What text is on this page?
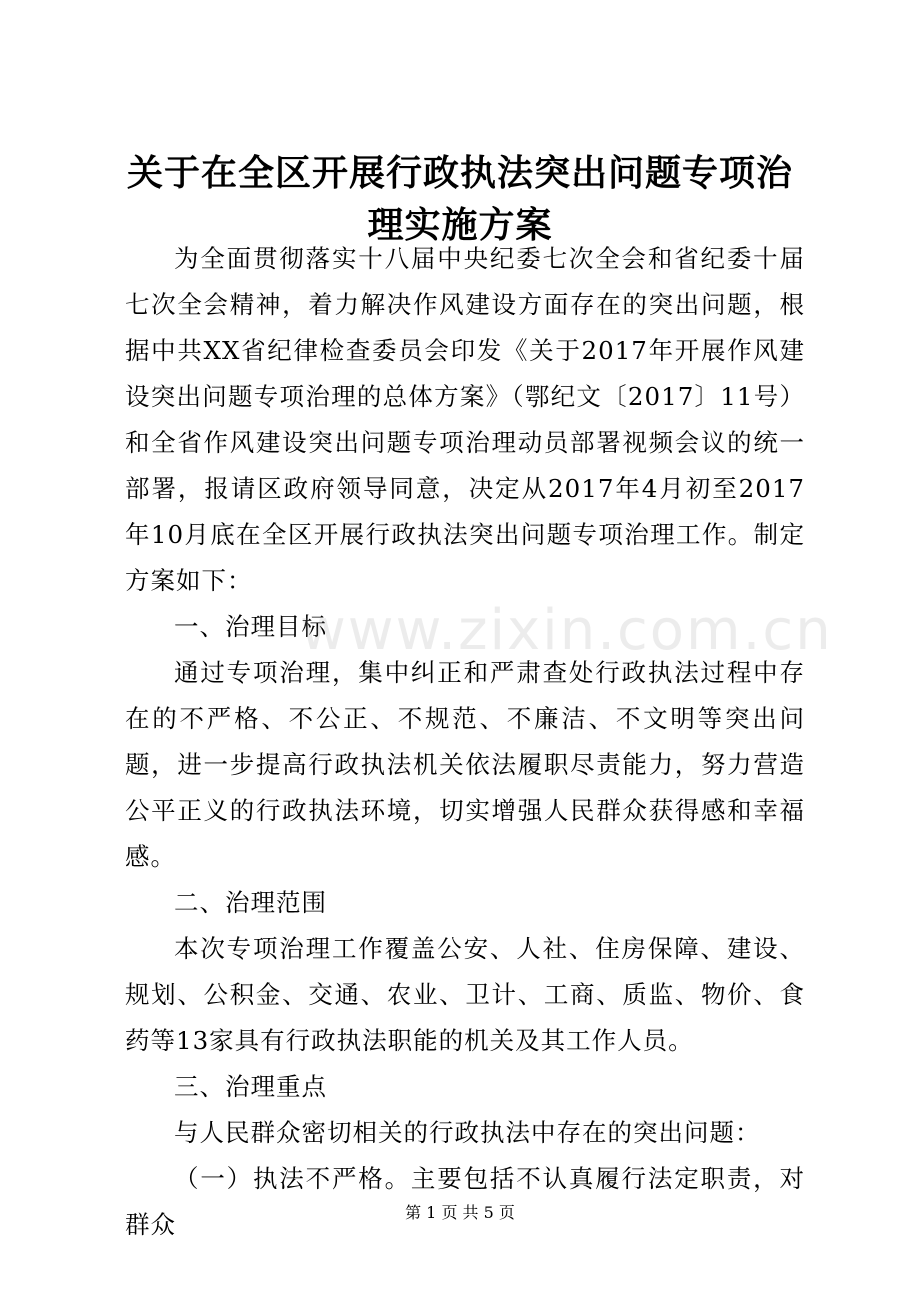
关于在全区开展行政执法突出问题专项治理实施方案

为全面贯彻落实十八届中央纪委七次全会和省纪委十届七次全会精神，着力解决作风建设方面存在的突出问题，根据中共XX省纪律检查委员会印发《关于2017年开展作风建设突出问题专项治理的总体方案》（鄂纪文〔2017〕11号）和全省作风建设突出问题专项治理动员部署视频会议的统一部署，报请区政府领导同意，决定从2017年4月初至2017年10月底在全区开展行政执法突出问题专项治理工作。制定方案如下：

一、治理目标

通过专项治理，集中纠正和严肃查处行政执法过程中存在的不严格、不公正、不规范、不廉洁、不文明等突出问题，进一步提高行政执法机关依法履职尽责能力，努力营造公平正义的行政执法环境，切实增强人民群众获得感和幸福感。

二、治理范围

本次专项治理工作覆盖公安、人社、住房保障、建设、规划、公积金、交通、农业、卫计、工商、质监、物价、食药等13家具有行政执法职能的机关及其工作人员。

三、治理重点

与人民群众密切相关的行政执法中存在的突出问题：

（一）执法不严格。主要包括不认真履行法定职责，对群众

www.zixin.com.cn
第 1 页 共 5 页
